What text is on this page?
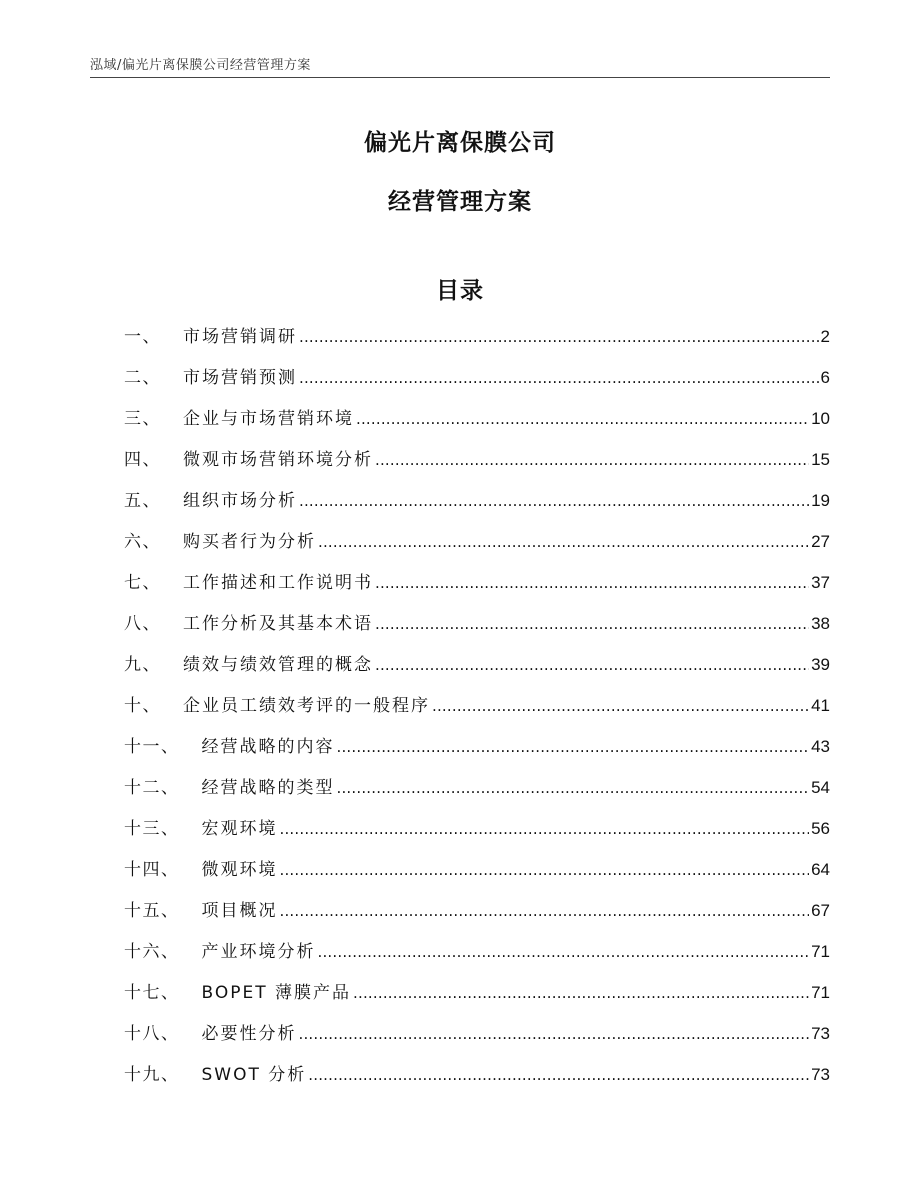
泓域/偏光片离保膜公司经营管理方案
偏光片离保膜公司
经营管理方案
目录
一、	市场营销调研 .....	2
二、	市场营销预测 .....	6
三、	企业与市场营销环境 .....	10
四、	微观市场营销环境分析 .....	15
五、	组织市场分析 .....	19
六、	购买者行为分析 .....	27
七、	工作描述和工作说明书 .....	37
八、	工作分析及其基本术语 .....	38
九、	绩效与绩效管理的概念 .....	39
十、	企业员工绩效考评的一般程序 .....	41
十一、	经营战略的内容 .....	43
十二、	经营战略的类型 .....	54
十三、	宏观环境 .....	56
十四、	微观环境 .....	64
十五、	项目概况 .....	67
十六、	产业环境分析 .....	71
十七、	BOPET 薄膜产品 .....	71
十八、	必要性分析 .....	73
十九、	SWOT 分析 .....	73
